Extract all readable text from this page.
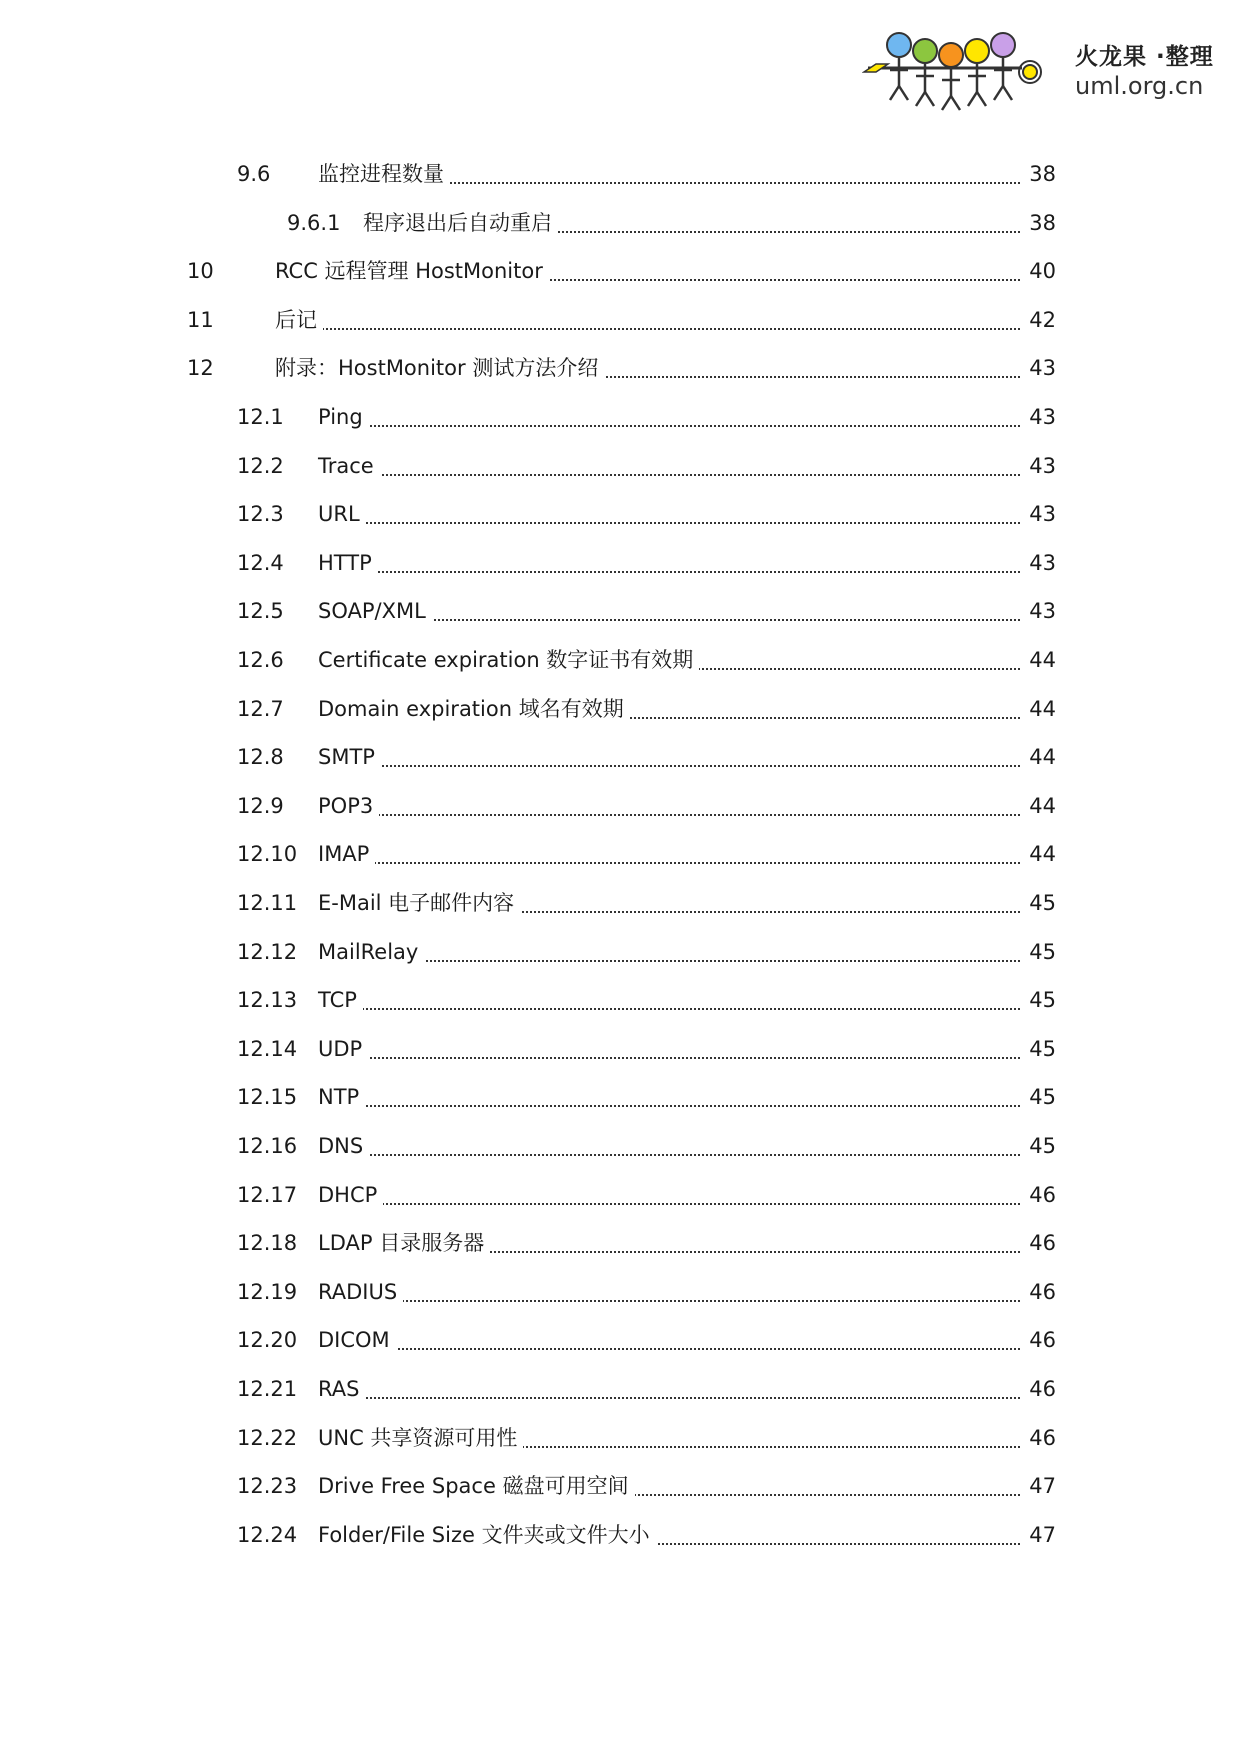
火龙果 ·整理
uml.org.cn
9.6 监控进程数量	38
9.6.1 程序退出后自动重启	38
10	RCC 远程管理 HostMonitor	40
11	后记	42
12	附录：HostMonitor 测试方法介绍	43
12.1 Ping	43
12.2 Trace	43
12.3 URL	43
12.4 HTTP	43
12.5 SOAP/XML	43
12.6 Certificate expiration 数字证书有效期	44
12.7 Domain expiration 域名有效期	44
12.8 SMTP	44
12.9 POP3	44
12.10 IMAP	44
12.11 E-Mail 电子邮件内容	45
12.12 MailRelay	45
12.13 TCP	45
12.14 UDP	45
12.15 NTP	45
12.16 DNS	45
12.17 DHCP	46
12.18 LDAP 目录服务器	46
12.19 RADIUS	46
12.20 DICOM	46
12.21 RAS	46
12.22 UNC 共享资源可用性	46
12.23 Drive Free Space 磁盘可用空间	47
12.24 Folder/File Size 文件夹或文件大小	47
